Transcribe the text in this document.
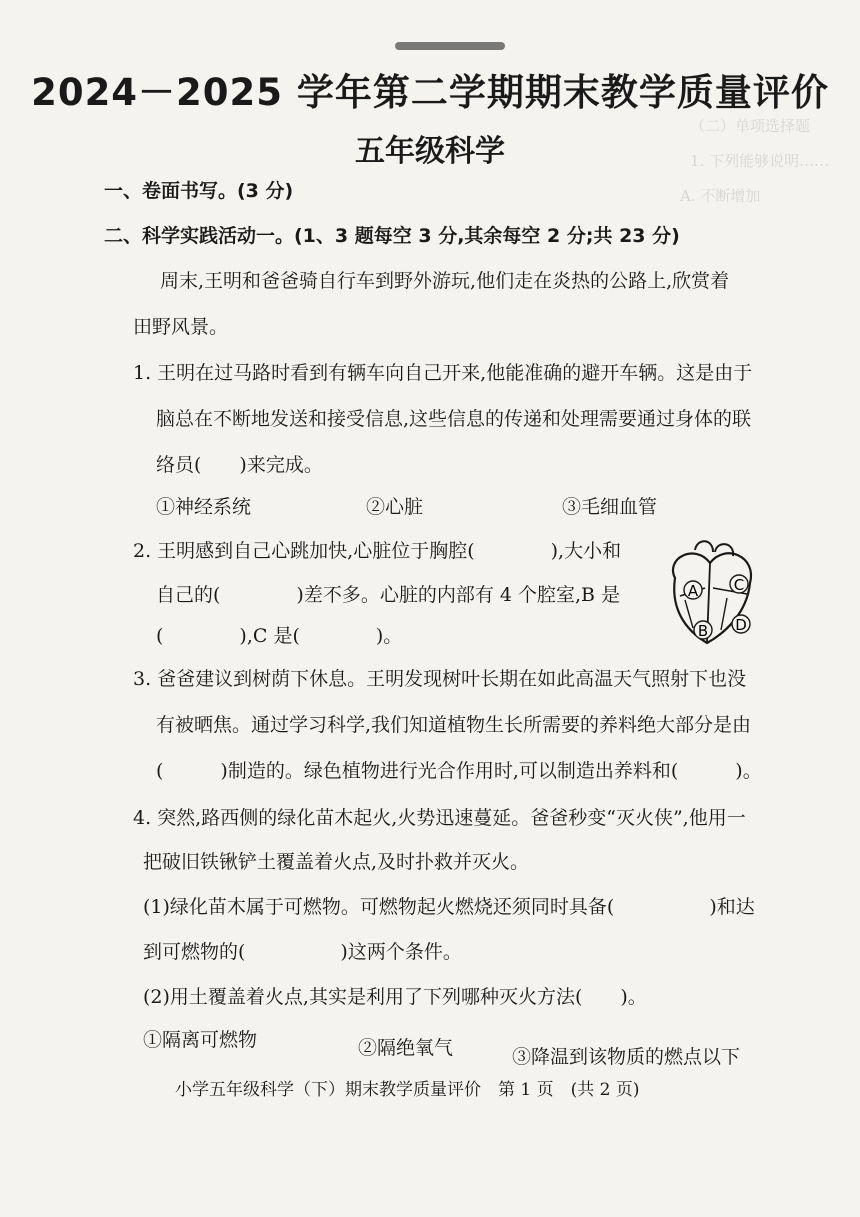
（二）单项选择题
1. 下列能够说明……
A. 不断增加
2024－2025 学年第二学期期末教学质量评价
五年级科学
一、卷面书写。(3 分)
二、科学实践活动一。(1、3 题每空 3 分,其余每空 2 分;共 23 分)
周末,王明和爸爸骑自行车到野外游玩,他们走在炎热的公路上,欣赏着
田野风景。
1. 王明在过马路时看到有辆车向自己开来,他能准确的避开车辆。这是由于
脑总在不断地发送和接受信息,这些信息的传递和处理需要通过身体的联
络员(　　)来完成。
①神经系统	②心脏	③毛细血管
2. 王明感到自己心跳加快,心脏位于胸腔(　　　　),大小和
自己的(　　　　)差不多。心脏的内部有 4 个腔室,B 是
(　　　　),C 是(　　　　)。
A C
B D
3. 爸爸建议到树荫下休息。王明发现树叶长期在如此高温天气照射下也没
有被晒焦。通过学习科学,我们知道植物生长所需要的养料绝大部分是由
(　　　)制造的。绿色植物进行光合作用时,可以制造出养料和(　　　)。
4. 突然,路西侧的绿化苗木起火,火势迅速蔓延。爸爸秒变“灭火侠”,他用一
把破旧铁锹铲土覆盖着火点,及时扑救并灭火。
(1)绿化苗木属于可燃物。可燃物起火燃烧还须同时具备(　　　　　)和达
到可燃物的(　　　　　)这两个条件。
(2)用土覆盖着火点,其实是利用了下列哪种灭火方法(　　)。
①隔离可燃物	②隔绝氧气	③降温到该物质的燃点以下
小学五年级科学（下）期末教学质量评价　第 1 页　(共 2 页)
